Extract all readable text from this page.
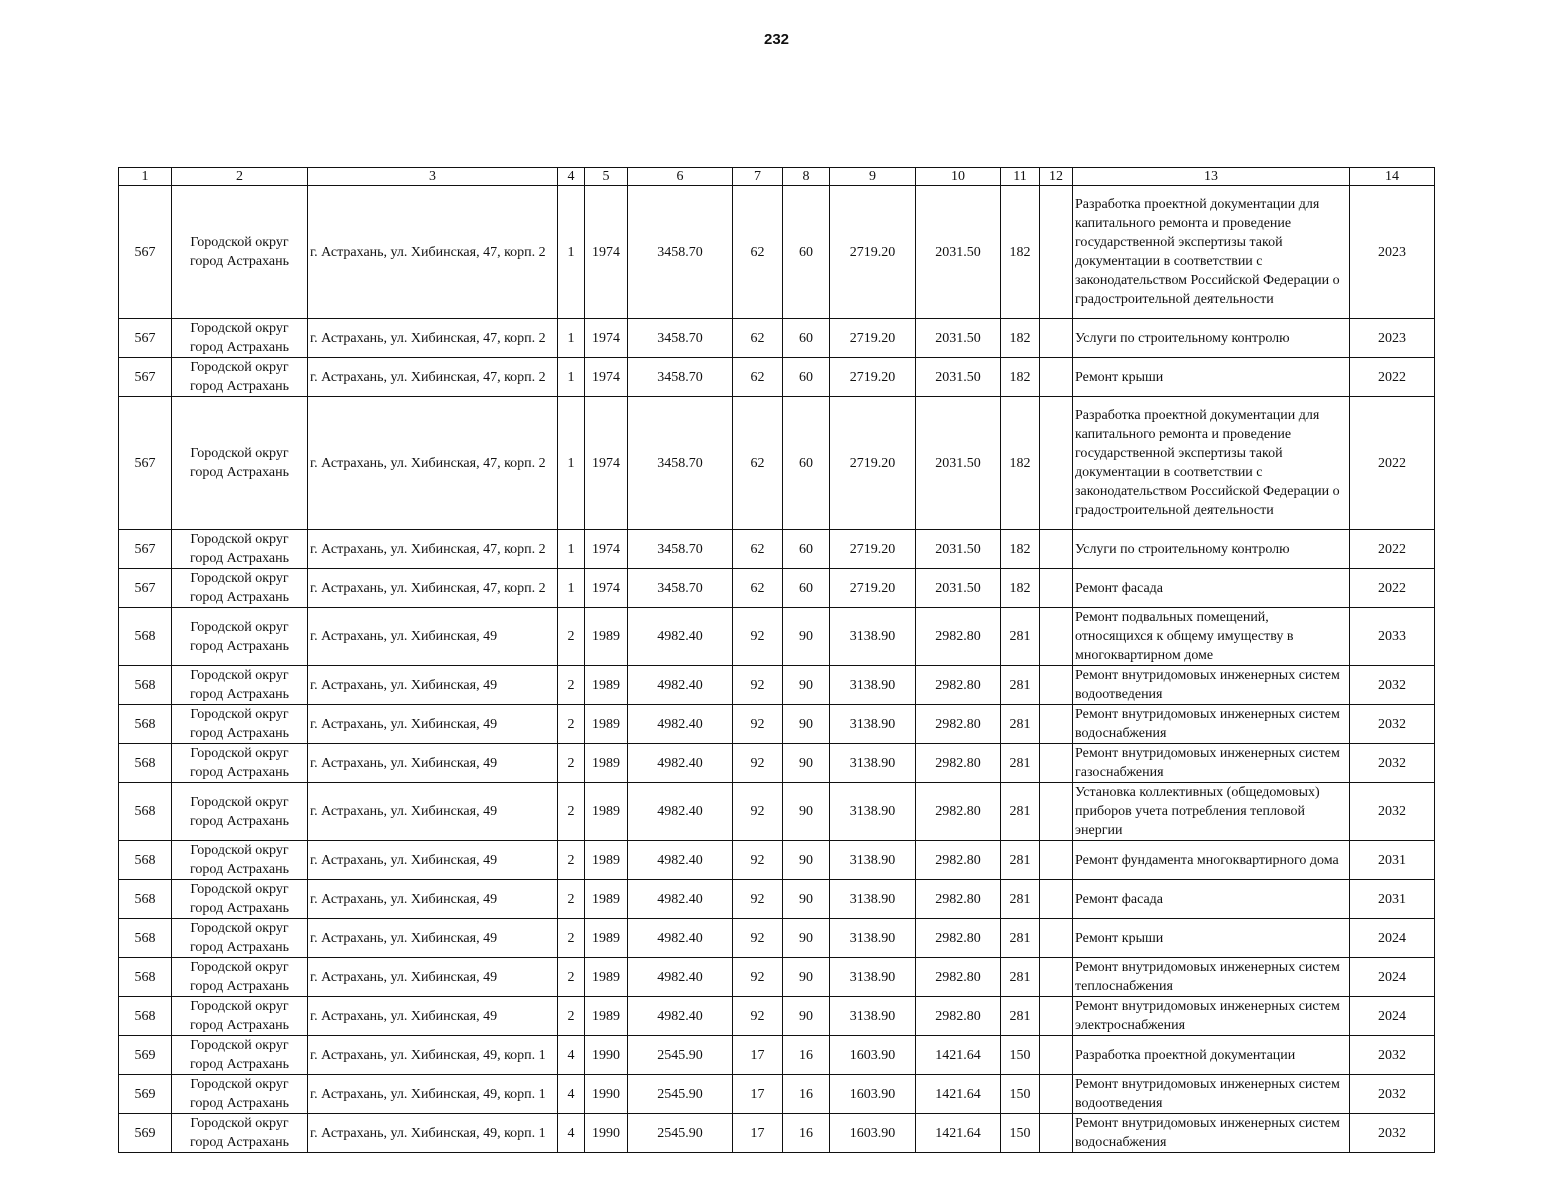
232
1	2	3	4	5	6	7	8	9	10	11	12	13	14
567	Городской округ город Астрахань	г. Астрахань, ул. Хибинская, 47, корп. 2	1	1974	3458.70	62	60	2719.20	2031.50	182		Разработка проектной документации для капитального ремонта и проведение государственной экспертизы такой документации в соответствии с законодательством Российской Федерации о градостроительной деятельности	2023
567	Городской округ город Астрахань	г. Астрахань, ул. Хибинская, 47, корп. 2	1	1974	3458.70	62	60	2719.20	2031.50	182		Услуги по строительному контролю	2023
567	Городской округ город Астрахань	г. Астрахань, ул. Хибинская, 47, корп. 2	1	1974	3458.70	62	60	2719.20	2031.50	182		Ремонт крыши	2022
567	Городской округ город Астрахань	г. Астрахань, ул. Хибинская, 47, корп. 2	1	1974	3458.70	62	60	2719.20	2031.50	182		Разработка проектной документации для капитального ремонта и проведение государственной экспертизы такой документации в соответствии с законодательством Российской Федерации о градостроительной деятельности	2022
567	Городской округ город Астрахань	г. Астрахань, ул. Хибинская, 47, корп. 2	1	1974	3458.70	62	60	2719.20	2031.50	182		Услуги по строительному контролю	2022
567	Городской округ город Астрахань	г. Астрахань, ул. Хибинская, 47, корп. 2	1	1974	3458.70	62	60	2719.20	2031.50	182		Ремонт фасада	2022
568	Городской округ город Астрахань	г. Астрахань, ул. Хибинская, 49	2	1989	4982.40	92	90	3138.90	2982.80	281		Ремонт подвальных помещений, относящихся к общему имуществу в многоквартирном доме	2033
568	Городской округ город Астрахань	г. Астрахань, ул. Хибинская, 49	2	1989	4982.40	92	90	3138.90	2982.80	281		Ремонт внутридомовых инженерных систем водоотведения	2032
568	Городской округ город Астрахань	г. Астрахань, ул. Хибинская, 49	2	1989	4982.40	92	90	3138.90	2982.80	281		Ремонт внутридомовых инженерных систем водоснабжения	2032
568	Городской округ город Астрахань	г. Астрахань, ул. Хибинская, 49	2	1989	4982.40	92	90	3138.90	2982.80	281		Ремонт внутридомовых инженерных систем газоснабжения	2032
568	Городской округ город Астрахань	г. Астрахань, ул. Хибинская, 49	2	1989	4982.40	92	90	3138.90	2982.80	281		Установка коллективных (общедомовых) приборов учета потребления тепловой энергии	2032
568	Городской округ город Астрахань	г. Астрахань, ул. Хибинская, 49	2	1989	4982.40	92	90	3138.90	2982.80	281		Ремонт фундамента многоквартирного дома	2031
568	Городской округ город Астрахань	г. Астрахань, ул. Хибинская, 49	2	1989	4982.40	92	90	3138.90	2982.80	281		Ремонт фасада	2031
568	Городской округ город Астрахань	г. Астрахань, ул. Хибинская, 49	2	1989	4982.40	92	90	3138.90	2982.80	281		Ремонт крыши	2024
568	Городской округ город Астрахань	г. Астрахань, ул. Хибинская, 49	2	1989	4982.40	92	90	3138.90	2982.80	281		Ремонт внутридомовых инженерных систем теплоснабжения	2024
568	Городской округ город Астрахань	г. Астрахань, ул. Хибинская, 49	2	1989	4982.40	92	90	3138.90	2982.80	281		Ремонт внутридомовых инженерных систем электроснабжения	2024
569	Городской округ город Астрахань	г. Астрахань, ул. Хибинская, 49, корп. 1	4	1990	2545.90	17	16	1603.90	1421.64	150		Разработка проектной документации	2032
569	Городской округ город Астрахань	г. Астрахань, ул. Хибинская, 49, корп. 1	4	1990	2545.90	17	16	1603.90	1421.64	150		Ремонт внутридомовых инженерных систем водоотведения	2032
569	Городской округ город Астрахань	г. Астрахань, ул. Хибинская, 49, корп. 1	4	1990	2545.90	17	16	1603.90	1421.64	150		Ремонт внутридомовых инженерных систем водоснабжения	2032
